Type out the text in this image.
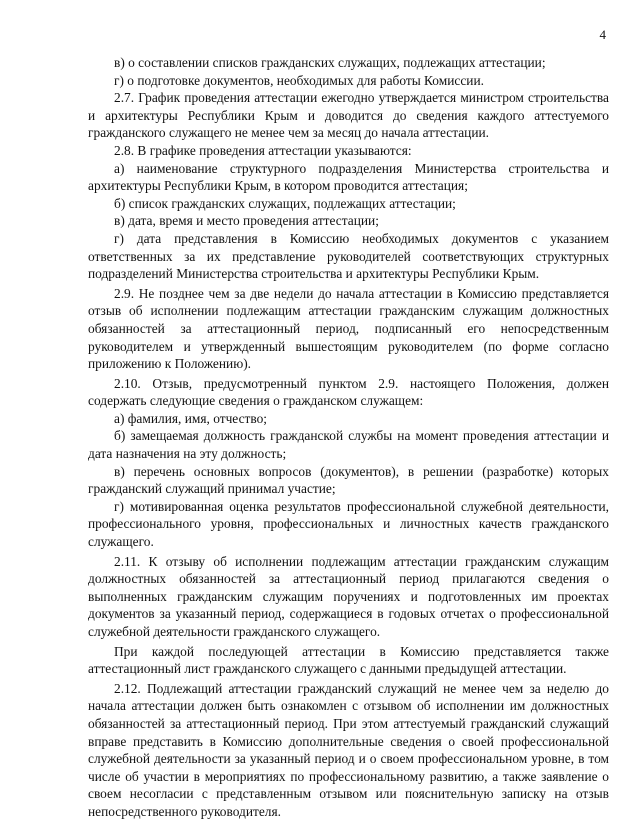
4

в) о составлении списков гражданских служащих, подлежащих аттестации;

г) о подготовке документов, необходимых для работы Комиссии.

2.7. График проведения аттестации ежегодно утверждается министром строительства и архитектуры Республики Крым и доводится до сведения каждого аттестуемого гражданского служащего не менее чем за месяц до начала аттестации.

2.8. В графике проведения аттестации указываются:

а) наименование структурного подразделения Министерства строительства и архитектуры Республики Крым, в котором проводится аттестация;

б) список гражданских служащих, подлежащих аттестации;

в) дата, время и место проведения аттестации;

г) дата представления в Комиссию необходимых документов с указанием ответственных за их представление руководителей соответствующих структурных подразделений Министерства строительства и архитектуры Республики Крым.

2.9. Не позднее чем за две недели до начала аттестации в Комиссию представляется отзыв об исполнении подлежащим аттестации гражданским служащим должностных обязанностей за аттестационный период, подписанный его непосредственным руководителем и утвержденный вышестоящим руководителем (по форме согласно приложению к Положению).

2.10. Отзыв, предусмотренный пунктом 2.9. настоящего Положения, должен содержать следующие сведения о гражданском служащем:

а) фамилия, имя, отчество;

б) замещаемая должность гражданской службы на момент проведения аттестации и дата назначения на эту должность;

в) перечень основных вопросов (документов), в решении (разработке) которых гражданский служащий принимал участие;

г) мотивированная оценка результатов профессиональной служебной деятельности, профессионального уровня, профессиональных и личностных качеств гражданского служащего.

2.11. К отзыву об исполнении подлежащим аттестации гражданским служащим должностных обязанностей за аттестационный период прилагаются сведения о выполненных гражданским служащим поручениях и подготовленных им проектах документов за указанный период, содержащиеся в годовых отчетах о профессиональной служебной деятельности гражданского служащего.

При каждой последующей аттестации в Комиссию представляется также аттестационный лист гражданского служащего с данными предыдущей аттестации.

2.12. Подлежащий аттестации гражданский служащий не менее чем за неделю до начала аттестации должен быть ознакомлен с отзывом об исполнении им должностных обязанностей за аттестационный период. При этом аттестуемый гражданский служащий вправе представить в Комиссию дополнительные сведения о своей профессиональной служебной деятельности за указанный период и о своем профессиональном уровне, в том числе об участии в мероприятиях по профессиональному развитию, а также заявление о своем несогласии с представленным отзывом или пояснительную записку на отзыв непосредственного руководителя.
